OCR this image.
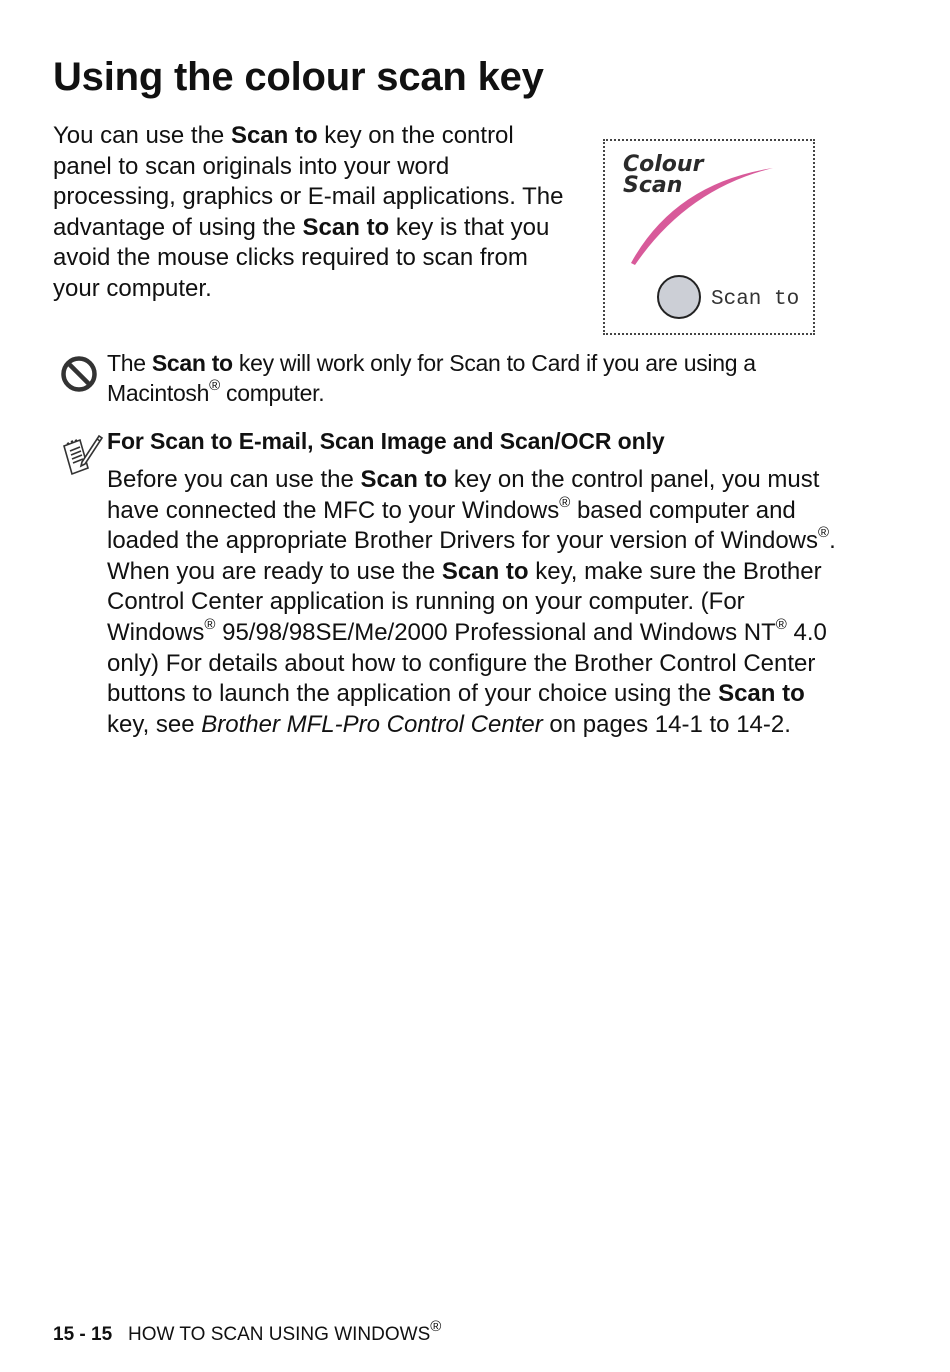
Using the colour scan key
You can use the Scan to key on the control panel to scan originals into your word processing, graphics or E-mail applications. The advantage of using the Scan to key is that you avoid the mouse clicks required to scan from your computer.
Colour
Scan
Scan to
The Scan to key will work only for Scan to Card if you are using a Macintosh® computer.
For Scan to E-mail, Scan Image and Scan/OCR only
Before you can use the Scan to key on the control panel, you must have connected the MFC to your Windows® based computer and loaded the appropriate Brother Drivers for your version of Windows®.
When you are ready to use the Scan to key, make sure the Brother Control Center application is running on your computer. (For Windows® 95/98/98SE/Me/2000 Professional and Windows NT® 4.0 only) For details about how to configure the Brother Control Center buttons to launch the application of your choice using the Scan to key, see Brother MFL-Pro Control Center on pages 14-1 to 14-2.
15 - 15 HOW TO SCAN USING WINDOWS®
